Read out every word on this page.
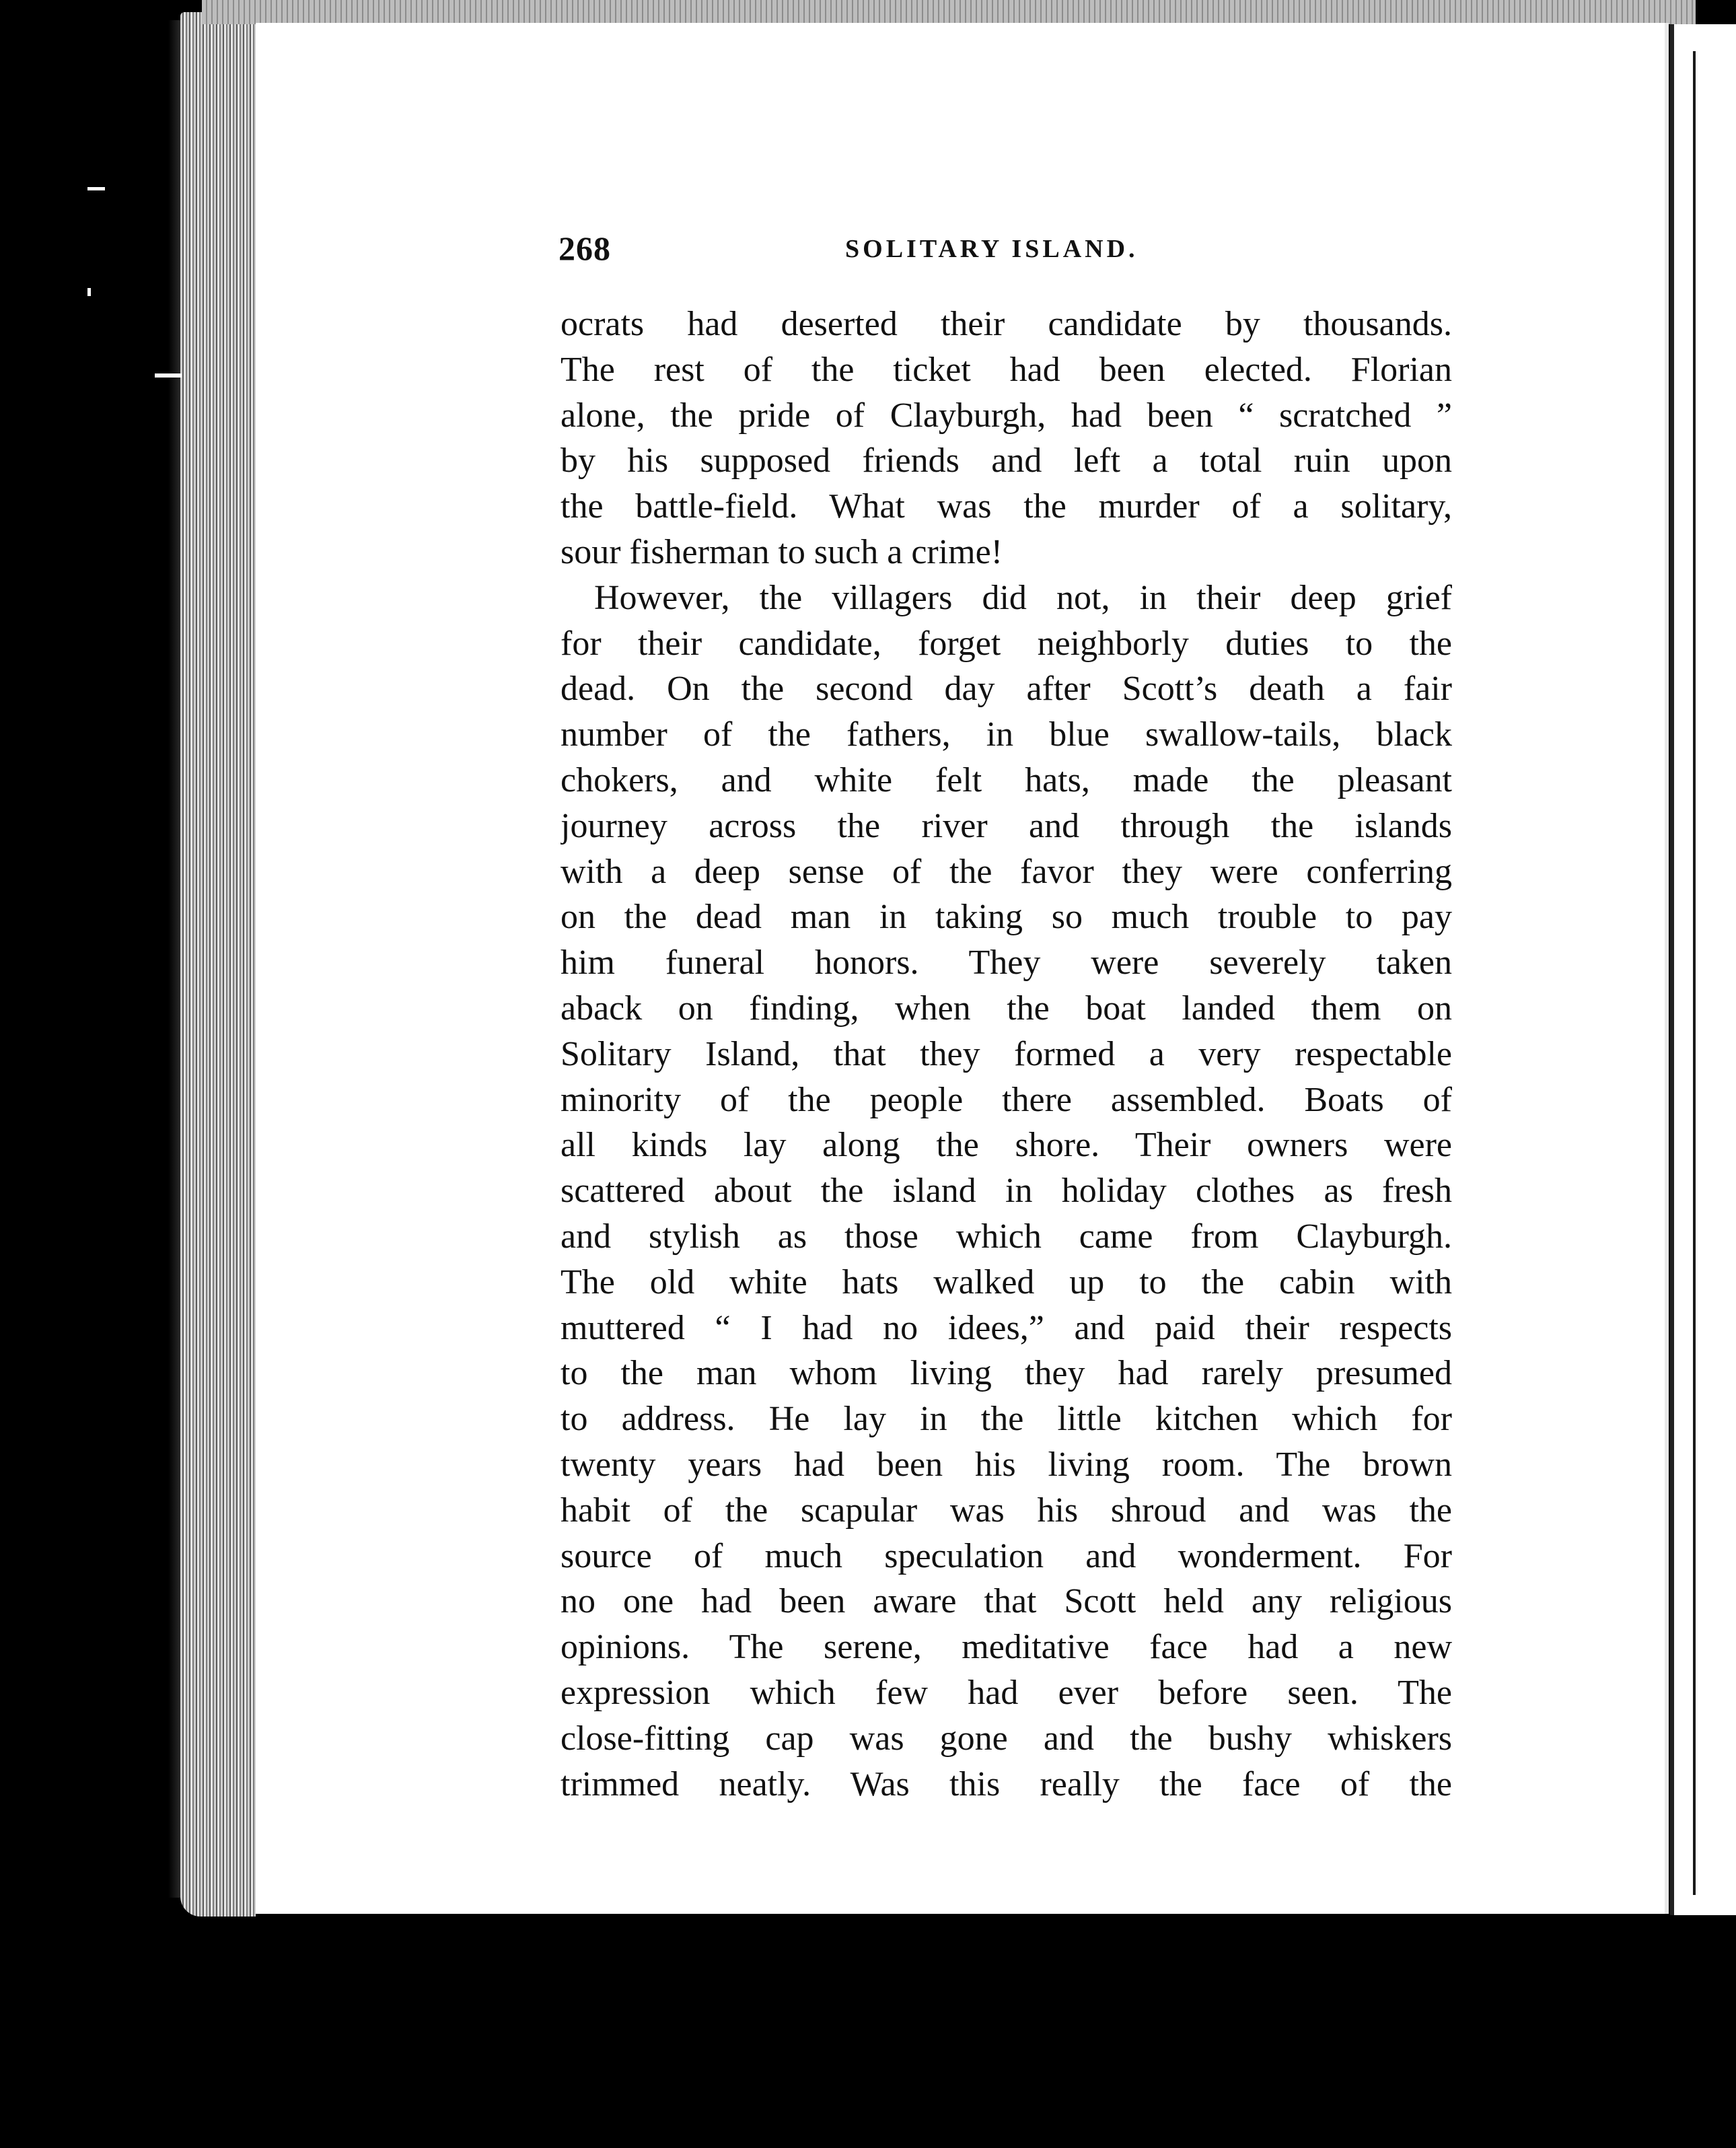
268	SOLITARY ISLAND.
ocrats had deserted their candidate by thousands.
The rest of the ticket had been elected. Florian
alone, the pride of Clayburgh, had been “ scratched ”
by his supposed friends and left a total ruin upon
the battle-field. What was the murder of a solitary,
sour fisherman to such a crime!
However, the villagers did not, in their deep grief
for their candidate, forget neighborly duties to the
dead. On the second day after Scott’s death a fair
number of the fathers, in blue swallow-tails, black
chokers, and white felt hats, made the pleasant
journey across the river and through the islands
with a deep sense of the favor they were conferring
on the dead man in taking so much trouble to pay
him funeral honors. They were severely taken
aback on finding, when the boat landed them on
Solitary Island, that they formed a very respectable
minority of the people there assembled. Boats of
all kinds lay along the shore. Their owners were
scattered about the island in holiday clothes as fresh
and stylish as those which came from Clayburgh.
The old white hats walked up to the cabin with
muttered “ I had no idees,” and paid their respects
to the man whom living they had rarely presumed
to address. He lay in the little kitchen which for
twenty years had been his living room. The brown
habit of the scapular was his shroud and was the
source of much speculation and wonderment. For
no one had been aware that Scott held any religious
opinions. The serene, meditative face had a new
expression which few had ever before seen. The
close-fitting cap was gone and the bushy whiskers
trimmed neatly. Was this really the face of the
